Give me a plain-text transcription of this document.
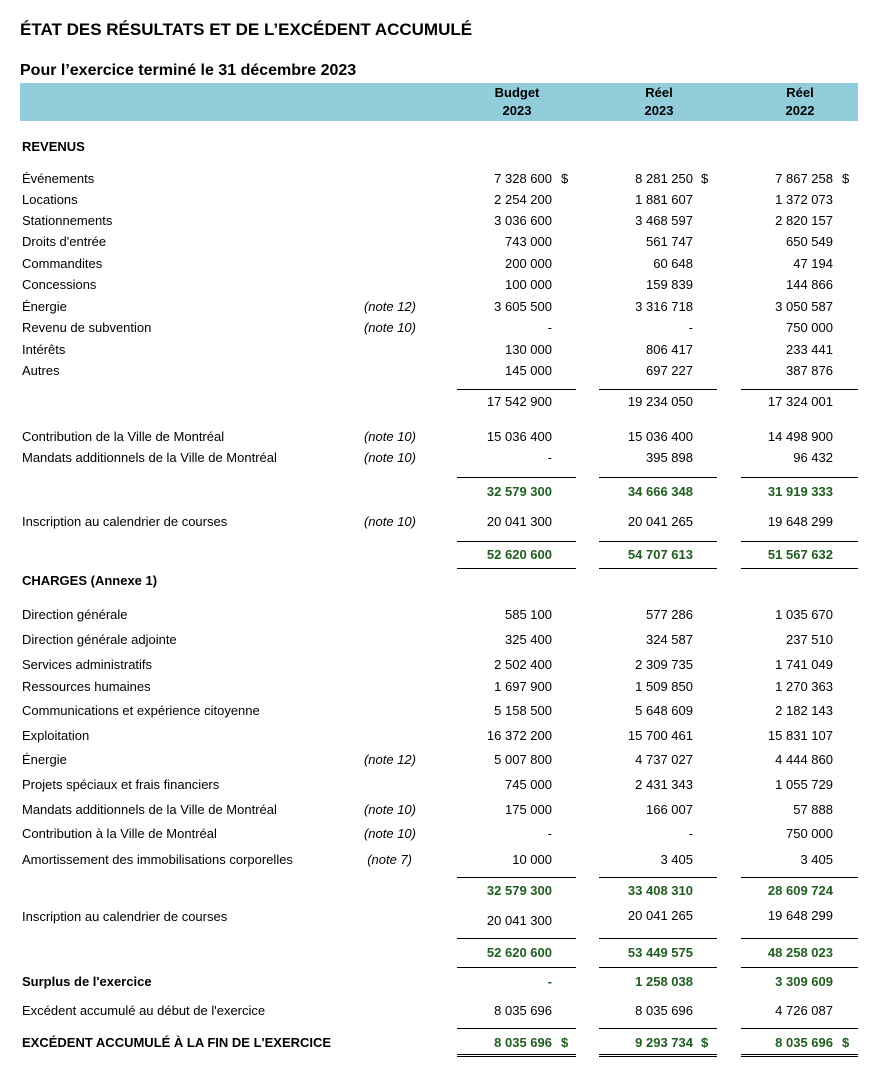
ÉTAT DES RÉSULTATS ET DE L’EXCÉDENT ACCUMULÉ
Pour l’exercice terminé le 31 décembre 2023
Budget
2023
Réel
2023
Réel
2022
REVENUS
Événements	7 328 600	8 281 250	7 867 258
$	$	$
Locations	2 254 200	1 881 607	1 372 073
Stationnements	3 036 600	3 468 597	2 820 157
Droits d'entrée	743 000	561 747	650 549
Commandites	200 000	60 648	47 194
Concessions	100 000	159 839	144 866
Énergie	(note 12)	3 605 500	3 316 718	3 050 587
Revenu de subvention	(note 10)	-	-	750 000
Intérêts	130 000	806 417	233 441
Autres	145 000	697 227	387 876
17 542 900	19 234 050	17 324 001
Contribution de la Ville de Montréal	(note 10)	15 036 400	15 036 400	14 498 900
Mandats additionnels de la Ville de Montréal	(note 10)	-	395 898	96 432
32 579 300	34 666 348	31 919 333
Inscription au calendrier de courses	(note 10)	20 041 300	20 041 265	19 648 299
52 620 600	54 707 613	51 567 632
CHARGES (Annexe 1)
Direction générale	585 100	577 286	1 035 670
Direction générale adjointe	325 400	324 587	237 510
Services administratifs	2 502 400	2 309 735	1 741 049
Ressources humaines	1 697 900	1 509 850	1 270 363
Communications et expérience citoyenne	5 158 500	5 648 609	2 182 143
Exploitation	16 372 200	15 700 461	15 831 107
Énergie	(note 12)	5 007 800	4 737 027	4 444 860
Projets spéciaux et frais financiers	745 000	2 431 343	1 055 729
Mandats additionnels de la Ville de Montréal	(note 10)	175 000	166 007	57 888
Contribution à la Ville de Montréal	(note 10)	-	-	750 000
Amortissement des immobilisations corporelles	(note 7)	10 000	3 405	3 405
32 579 300	33 408 310	28 609 724
Inscription au calendrier de courses	20 041 300	20 041 265	19 648 299
52 620 600	53 449 575	48 258 023
Surplus de l'exercice	-	1 258 038	3 309 609
Excédent accumulé au début de l'exercice	8 035 696	8 035 696	4 726 087
EXCÉDENT ACCUMULÉ À LA FIN DE L'EXERCICE	8 035 696	9 293 734	8 035 696
$	$	$
